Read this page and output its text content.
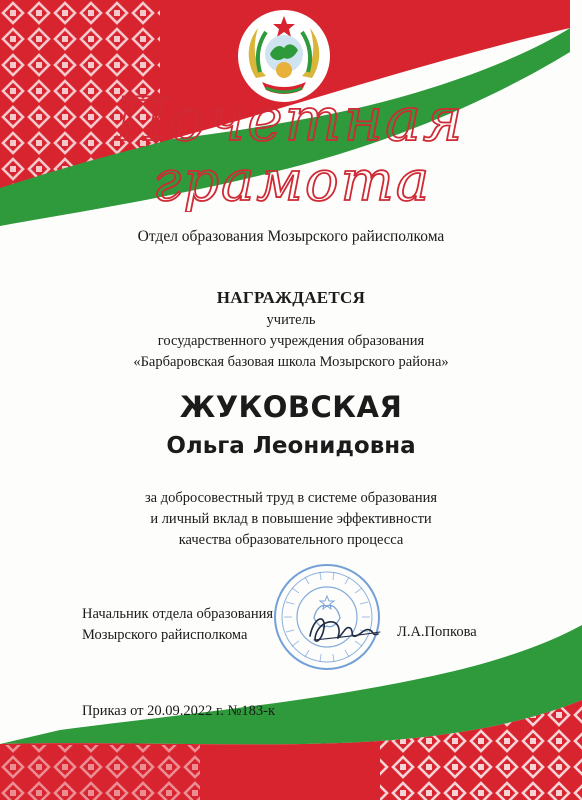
Почетная
грамота
Отдел образования Мозырского райисполкома
НАГРАЖДАЕТСЯ
учитель
государственного учреждения образования
«Барбаровская базовая школа Мозырского района»
ЖУКОВСКАЯ
Ольга Леонидовна
за добросовестный труд в системе образования
и личный вклад в повышение эффективности
качества образовательного процесса
Начальник отдела образования
Мозырского райисполкома	Л.А.Попкова
Приказ от 20.09.2022 г. №183-к
